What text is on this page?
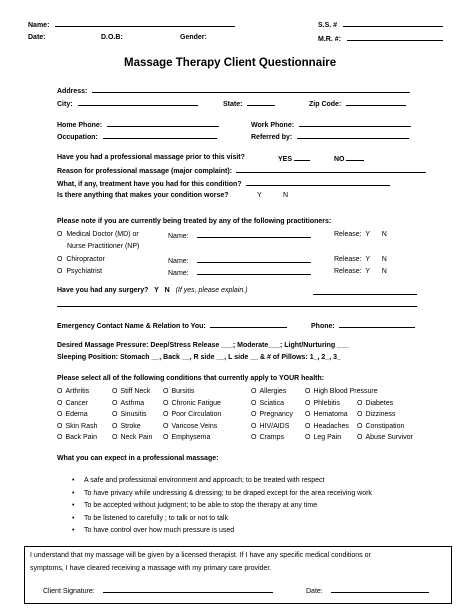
Name:	S.S. #
Date:	D.O.B:	Gender:	M.R. #:
Massage Therapy Client Questionnaire
Address:
City:	State:	Zip Code:
Home Phone:	Work Phone:
Occupation:	Referred by:
Have you had a professional massage prior to this visit?	YES	NO
Reason for professional massage (major complaint):
What, if any, treatment have you had for this condition?
Is there anything that makes your condition worse?	Y	N
Please note if you are currently being treated by any of the following practitioners:
O Medical Doctor (MD) or
Nurse Practitioner (NP)
Name:	Release: Y N
O Chiropractor	Name:	Release: Y N
O Psychiatrist	Name:	Release: Y N
Have you had any surgery? Y N (If yes, please explain.)
Emergency Contact Name & Relation to You:	Phone:
Desired Massage Pressure: Deep/Stress Release ___; Moderate___; Light/Nurturing ___
Sleeping Position: Stomach __, Back __, R side __, L side __ & # of Pillows: 1_, 2_, 3_
Please select all of the following conditions that currently apply to YOUR health:
O Arthritis	O Stiff Neck O Bursitis	O Allergies	O High Blood Pressure
O Cancer	O Asthma	O Chronic Fatigue	O Sciatica	O Phlebitis O Diabetes
O Edema	O Sinusitis O Poor Circulation	O Pregnancy O Hematoma O Dizziness
O Skin Rash O Stroke	O Varicose Veins	O HIV/AIDS O Headaches O Constipation
O Back Pain O Neck Pain O Emphysema	O Cramps	O Leg Pain O Abuse Survivor
What you can expect in a professional massage:
• A safe and professional environment and approach; to be treated with respect
• To have privacy while undressing & dressing; to be draped except for the area receiving work
• To be accepted without judgment; to be able to stop the therapy at any time
• To be listened to carefully ; to talk or not to talk
• To have control over how much pressure is used
I understand that my massage will be given by a licensed therapist. If I have any specific medical conditions or
symptoms, I have cleared receiving a massage with my primary care provider.
Client Signature:	Date:
